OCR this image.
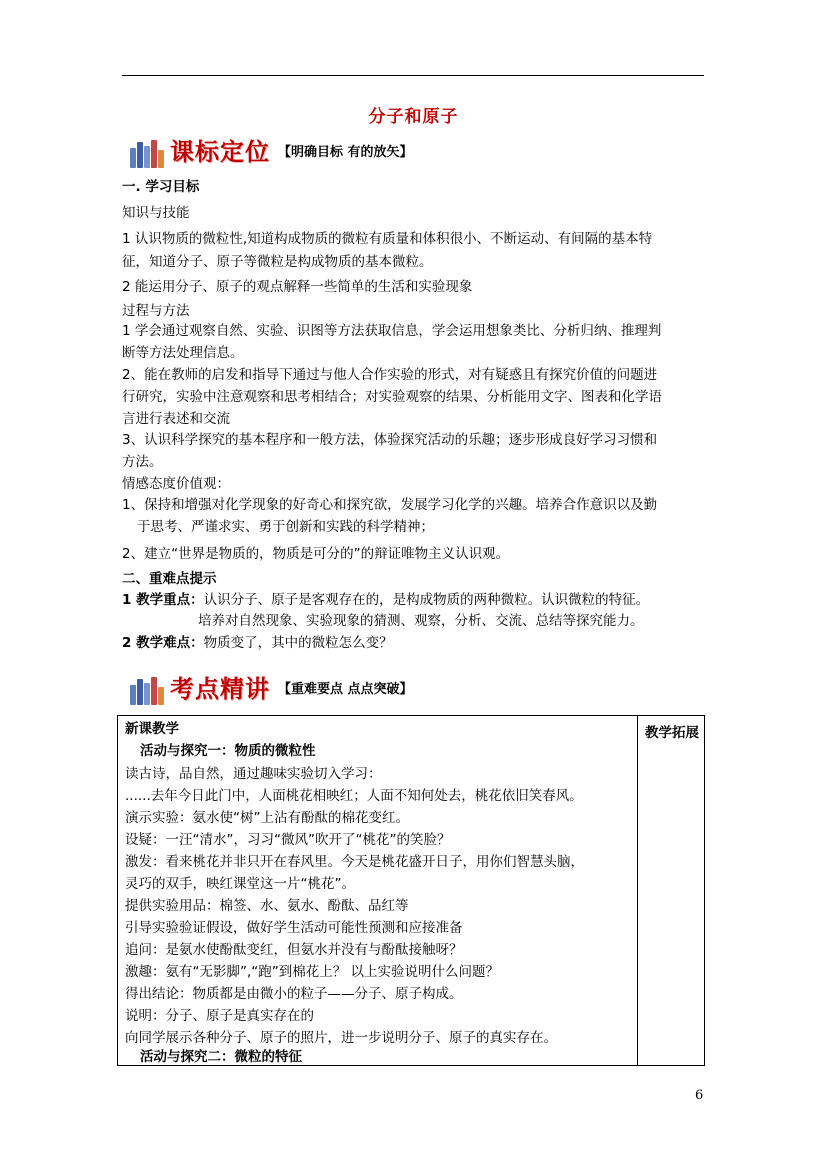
分子和原子
课标定位 【明确目标 有的放矢】
一. 学习目标
知识与技能
1 认识物质的微粒性,知道构成物质的微粒有质量和体积很小、不断运动、有间隔的基本特
征，知道分子、原子等微粒是构成物质的基本微粒。
2 能运用分子、原子的观点解释一些简单的生活和实验现象
过程与方法
1 学会通过观察自然、实验、识图等方法获取信息，学会运用想象类比、分析归纳、推理判
断等方法处理信息。
2、能在教师的启发和指导下通过与他人合作实验的形式，对有疑惑且有探究价值的问题进
行研究，实验中注意观察和思考相结合；对实验观察的结果、分析能用文字、图表和化学语
言进行表述和交流
3、认识科学探究的基本程序和一般方法，体验探究活动的乐趣；逐步形成良好学习习惯和
方法。
情感态度价值观：
1、保持和增强对化学现象的好奇心和探究欲，发展学习化学的兴趣。培养合作意识以及勤
于思考、严谨求实、勇于创新和实践的科学精神；
2、建立“世界是物质的，物质是可分的”的辩证唯物主义认识观。
二、重难点提示
1 教学重点：认识分子、原子是客观存在的，是构成物质的两种微粒。认识微粒的特征。
培养对自然现象、实验现象的猜测、观察，分析、交流、总结等探究能力。
2 教学难点：物质变了，其中的微粒怎么变？
考点精讲 【重难要点 点点突破】
教学拓展
新课教学
活动与探究一：物质的微粒性
读古诗，品自然，通过趣味实验切入学习：
......去年今日此门中，人面桃花相映红；人面不知何处去，桃花依旧笑春风。
演示实验：氨水使“树”上沾有酚酞的棉花变红。
设疑：一汪“清水”，习习“微风”吹开了“桃花”的笑脸？
激发：看来桃花并非只开在春风里。今天是桃花盛开日子，用你们智慧头脑，
灵巧的双手，映红课堂这一片“桃花”。
提供实验用品：棉签、水、氨水、酚酞、品红等
引导实验验证假设，做好学生活动可能性预测和应接准备
追问：是氨水使酚酞变红，但氨水并没有与酚酞接触呀？
激趣：氨有“无影脚”,“跑”到棉花上？ 以上实验说明什么问题？
得出结论：物质都是由微小的粒子——分子、原子构成。
说明：分子、原子是真实存在的
向同学展示各种分子、原子的照片，进一步说明分子、原子的真实存在。
活动与探究二：微粒的特征
6
